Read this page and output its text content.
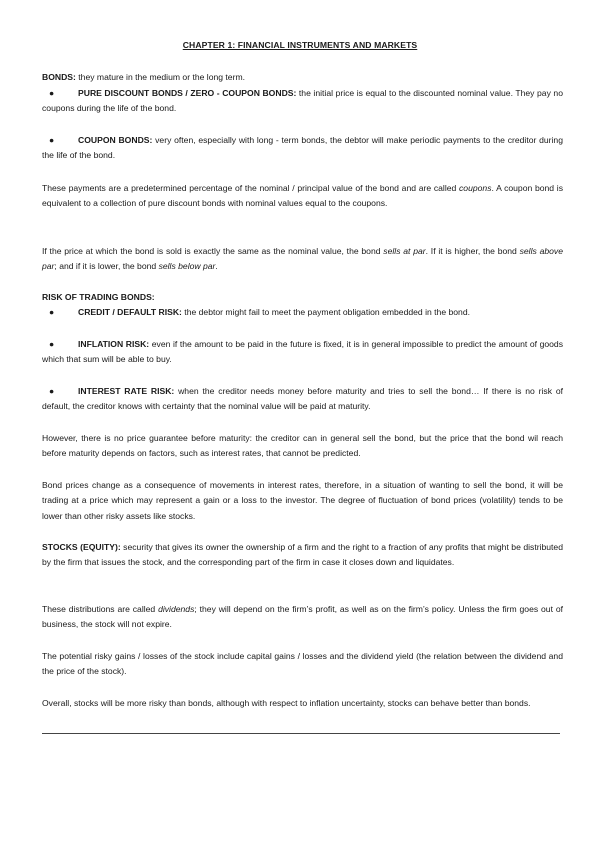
CHAPTER 1: FINANCIAL INSTRUMENTS AND MARKETS
BONDS: they mature in the medium or the long term.
●	PURE DISCOUNT BONDS / ZERO - COUPON BONDS: the initial price is equal to the discounted nominal value. They pay no coupons during the life of the bond.
●	COUPON BONDS: very often, especially with long - term bonds, the debtor will make periodic payments to the creditor during the life of the bond.
These payments are a predetermined percentage of the nominal / principal value of the bond and are called coupons. A coupon bond is equivalent to a collection of pure discount bonds with nominal values equal to the coupons.
If the price at which the bond is sold is exactly the same as the nominal value, the bond sells at par. If it is higher, the bond sells above par; and if it is lower, the bond sells below par.
RISK OF TRADING BONDS:
●	CREDIT / DEFAULT RISK: the debtor might fail to meet the payment obligation embedded in the bond.
●	INFLATION RISK: even if the amount to be paid in the future is fixed, it is in general impossible to predict the amount of goods which that sum will be able to buy.
●	INTEREST RATE RISK: when the creditor needs money before maturity and tries to sell the bond… If there is no risk of default, the creditor knows with certainty that the nominal value will be paid at maturity.
However, there is no price guarantee before maturity: the creditor can in general sell the bond, but the price that the bond wil reach before maturity depends on factors, such as interest rates, that cannot be predicted.
Bond prices change as a consequence of movements in interest rates, therefore, in a situation of wanting to sell the bond, it will be trading at a price which may represent a gain or a loss to the investor. The degree of fluctuation of bond prices (volatility) tends to be lower than other risky assets like stocks.
STOCKS (EQUITY): security that gives its owner the ownership of a firm and the right to a fraction of any profits that might be distributed by the firm that issues the stock, and the corresponding part of the firm in case it closes down and liquidates.
These distributions are called dividends; they will depend on the firm’s profit, as well as on the firm’s policy. Unless the firm goes out of business, the stock will not expire.
The potential risky gains / losses of the stock include capital gains / losses and the dividend yield (the relation between the dividend and the price of the stock).
Overall, stocks will be more risky than bonds, although with respect to inflation uncertainty, stocks can behave better than bonds.
